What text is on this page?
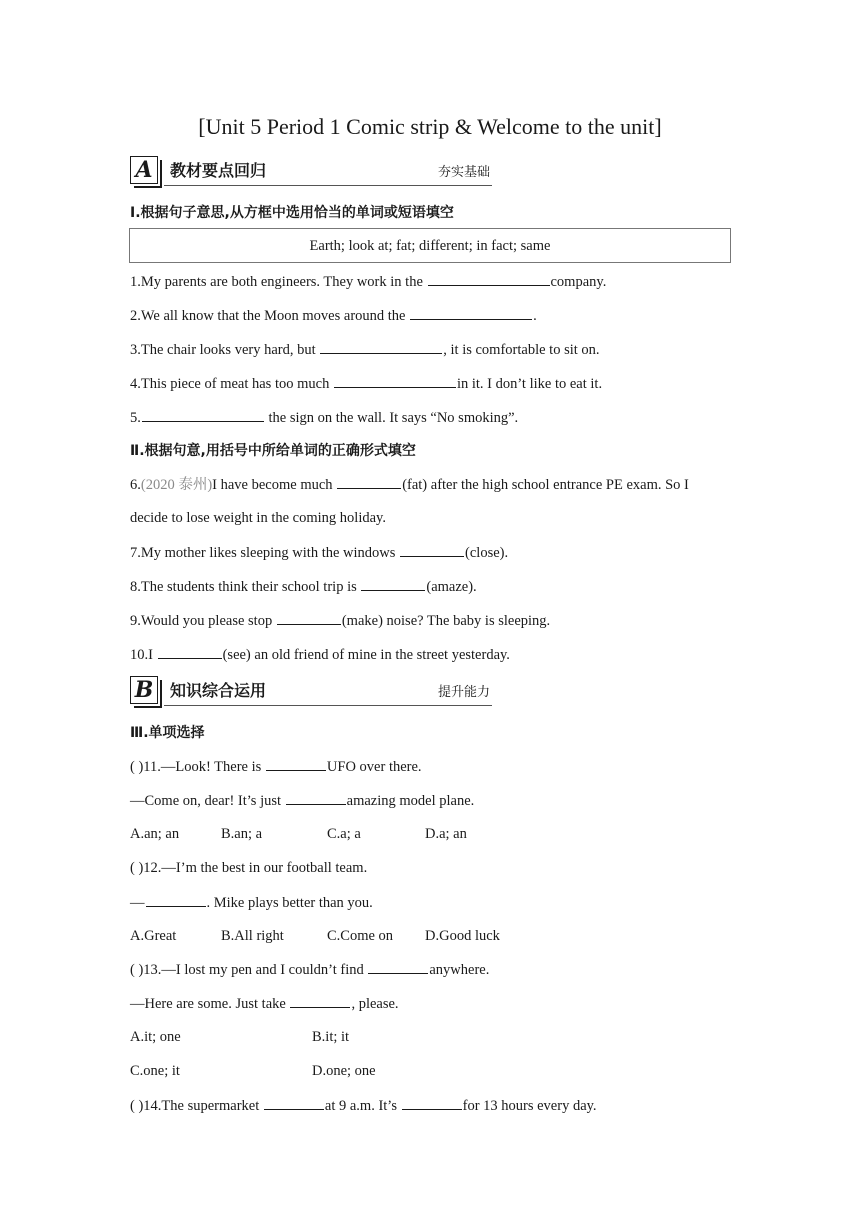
[Unit 5 Period 1 Comic strip & Welcome to the unit]
A	教材要点回归	夯实基础
Ⅰ.根据句子意思,从方框中选用恰当的单词或短语填空
Earth; look at; fat; different; in fact; same
1.My parents are both engineers. They work in the	company.
2.We all know that the Moon moves around the	.
3.The chair looks very hard, but	, it is comfortable to sit on.
4.This piece of meat has too much	in it. I don’t like to eat it.
5.	the sign on the wall. It says “No smoking”.
Ⅱ.根据句意,用括号中所给单词的正确形式填空
6.(2020 泰州)I have become much	(fat) after the high school entrance PE exam. So I
decide to lose weight in the coming holiday.
7.My mother likes sleeping with the windows	(close).
8.The students think their school trip is	(amaze).
9.Would you please stop	(make) noise? The baby is sleeping.
10.I	(see) an old friend of mine in the street yesterday.
B 知识综合运用	提升能力
Ⅲ.单项选择
( )11.—Look! There is	UFO over there.
—Come on, dear! It’s just	amazing model plane.
A.an; an	B.an; a	C.a; a	D.a; an
( )12.—I’m the best in our football team.
—	. Mike plays better than you.
A.Great	B.All right	C.Come on D.Good luck
( )13.—I lost my pen and I couldn’t find	anywhere.
—Here are some. Just take	, please.
A.it; one	B.it; it
C.one; it	D.one; one
( )14.The supermarket	at 9 a.m. It’s	for 13 hours every day.
